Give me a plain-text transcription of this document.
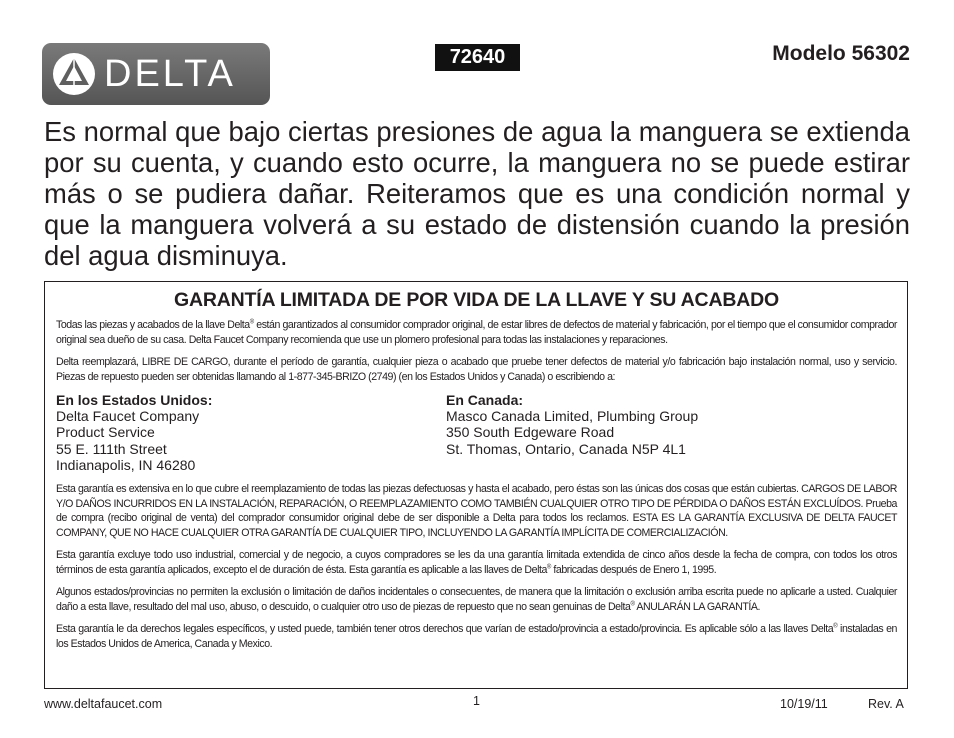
DELTA	72640	Modelo 56302

Es normal que bajo ciertas presiones de agua la manguera se extienda por su cuenta, y cuando esto ocurre, la manguera no se puede estirar más o se pudiera dañar. Reiteramos que es una condición normal y que la manguera volverá a su estado de distensión cuando la presión del agua disminuya.

GARANTÍA LIMITADA DE POR VIDA DE LA LLAVE Y SU ACABADO

Todas las piezas y acabados de la llave Delta® están garantizados al consumidor comprador original, de estar libres de defectos de material y fabricación, por el tiempo que el consumidor comprador original sea dueño de su casa. Delta Faucet Company recomienda que use un plomero profesional para todas las instalaciones y reparaciones.

Delta reemplazará, LIBRE DE CARGO, durante el período de garantía, cualquier pieza o acabado que pruebe tener defectos de material y/o fabricación bajo instalación normal, uso y servicio. Piezas de repuesto pueden ser obtenidas llamando al 1-877-345-BRIZO (2749) (en los Estados Unidos y Canada) o escribiendo a:

En los Estados Unidos:
Delta Faucet Company
Product Service
55 E. 111th Street
Indianapolis, IN 46280
En Canada:
Masco Canada Limited, Plumbing Group
350 South Edgeware Road
St. Thomas, Ontario, Canada N5P 4L1

Esta garantía es extensiva en lo que cubre el reemplazamiento de todas las piezas defectuosas y hasta el acabado, pero éstas son las únicas dos cosas que están cubiertas. CARGOS DE LABOR Y/O DAÑOS INCURRIDOS EN LA INSTALACIÓN, REPARACIÓN, O REEMPLAZAMIENTO COMO TAMBIÉN CUALQUIER OTRO TIPO DE PÉRDIDA O DAÑOS ESTÁN EXCLUÍDOS. Prueba de compra (recibo original de venta) del comprador consumidor original debe de ser disponible a Delta para todos los reclamos. ESTA ES LA GARANTÍA EXCLUSIVA DE DELTA FAUCET COMPANY, QUE NO HACE CUALQUIER OTRA GARANTÍA DE CUALQUIER TIPO, INCLUYENDO LA GARANTÍA IMPLÍCITA DE COMERCIALIZACIÓN.

Esta garantía excluye todo uso industrial, comercial y de negocio, a cuyos compradores se les da una garantía limitada extendida de cinco años desde la fecha de compra, con todos los otros términos de esta garantía aplicados, excepto el de duración de ésta. Esta garantía es aplicable a las llaves de Delta® fabricadas después de Enero 1, 1995.

Algunos estados/provincias no permiten la exclusión o limitación de daños incidentales o consecuentes, de manera que la limitación o exclusión arriba escrita puede no aplicarle a usted. Cualquier daño a esta llave, resultado del mal uso, abuso, o descuido, o cualquier otro uso de piezas de repuesto que no sean genuinas de Delta® ANULARÁN LA GARANTÍA.

Esta garantía le da derechos legales específicos, y usted puede, también tener otros derechos que varían de estado/provincia a estado/provincia. Es aplicable sólo a las llaves Delta® instaladas en los Estados Unidos de America, Canada y Mexico.

www.deltafaucet.com	1	10/19/11	Rev. A
